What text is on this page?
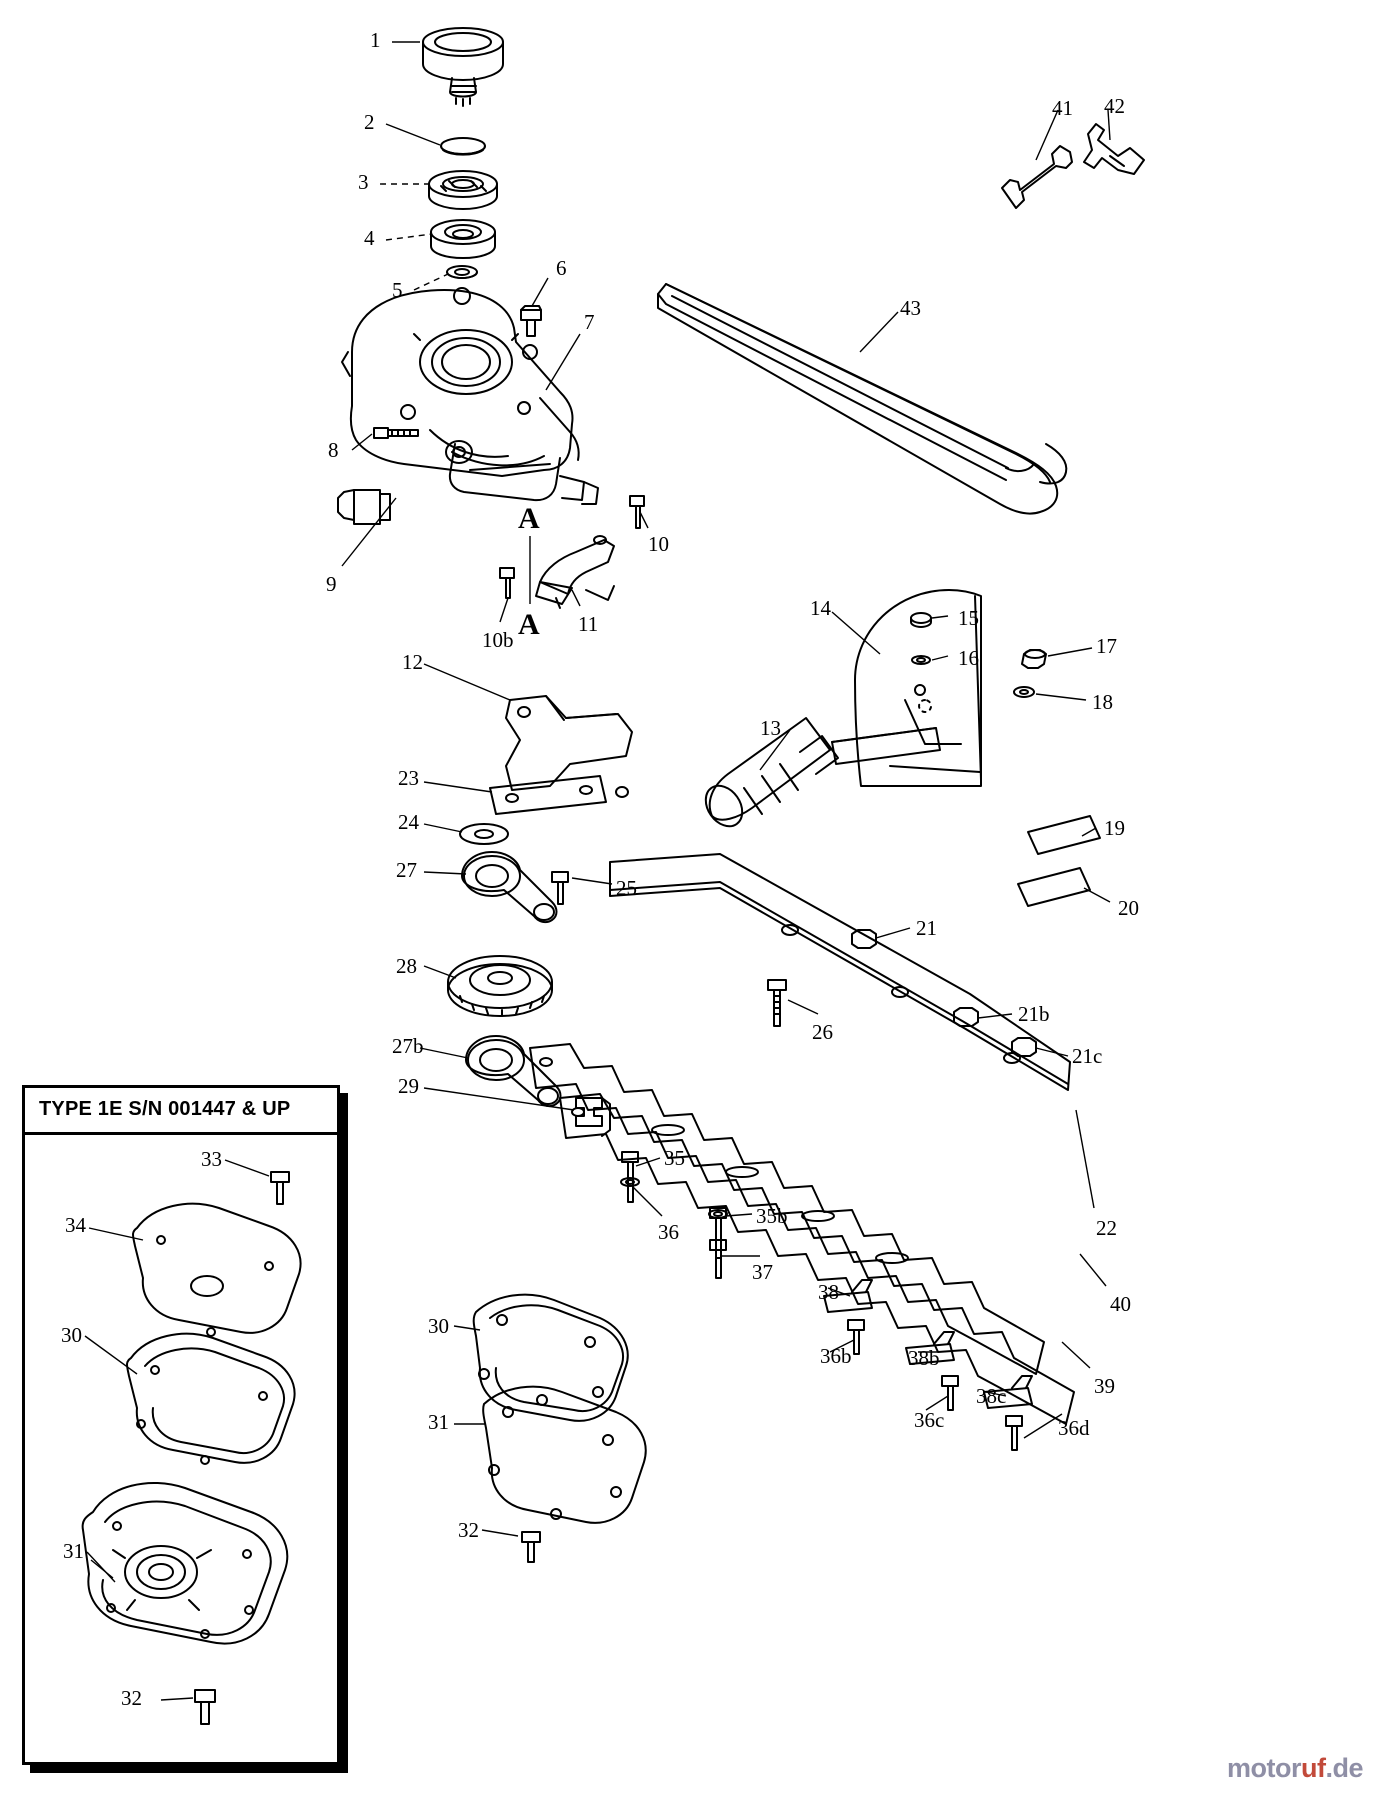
1
2
3
4
5
6
7
8
9
10
10b
11
12
13
14	15
16	17
18
19
20
21
21b
21c
22
23
24
25
26
27
27b
28
29
30
31
32
35
35b
36
36b
36c	36d
37
38
38b
38c	39
40
41 42
43
A
A
TYPE 1E S/N 001447 & UP
33
34
30
31
32
motoruf.de
